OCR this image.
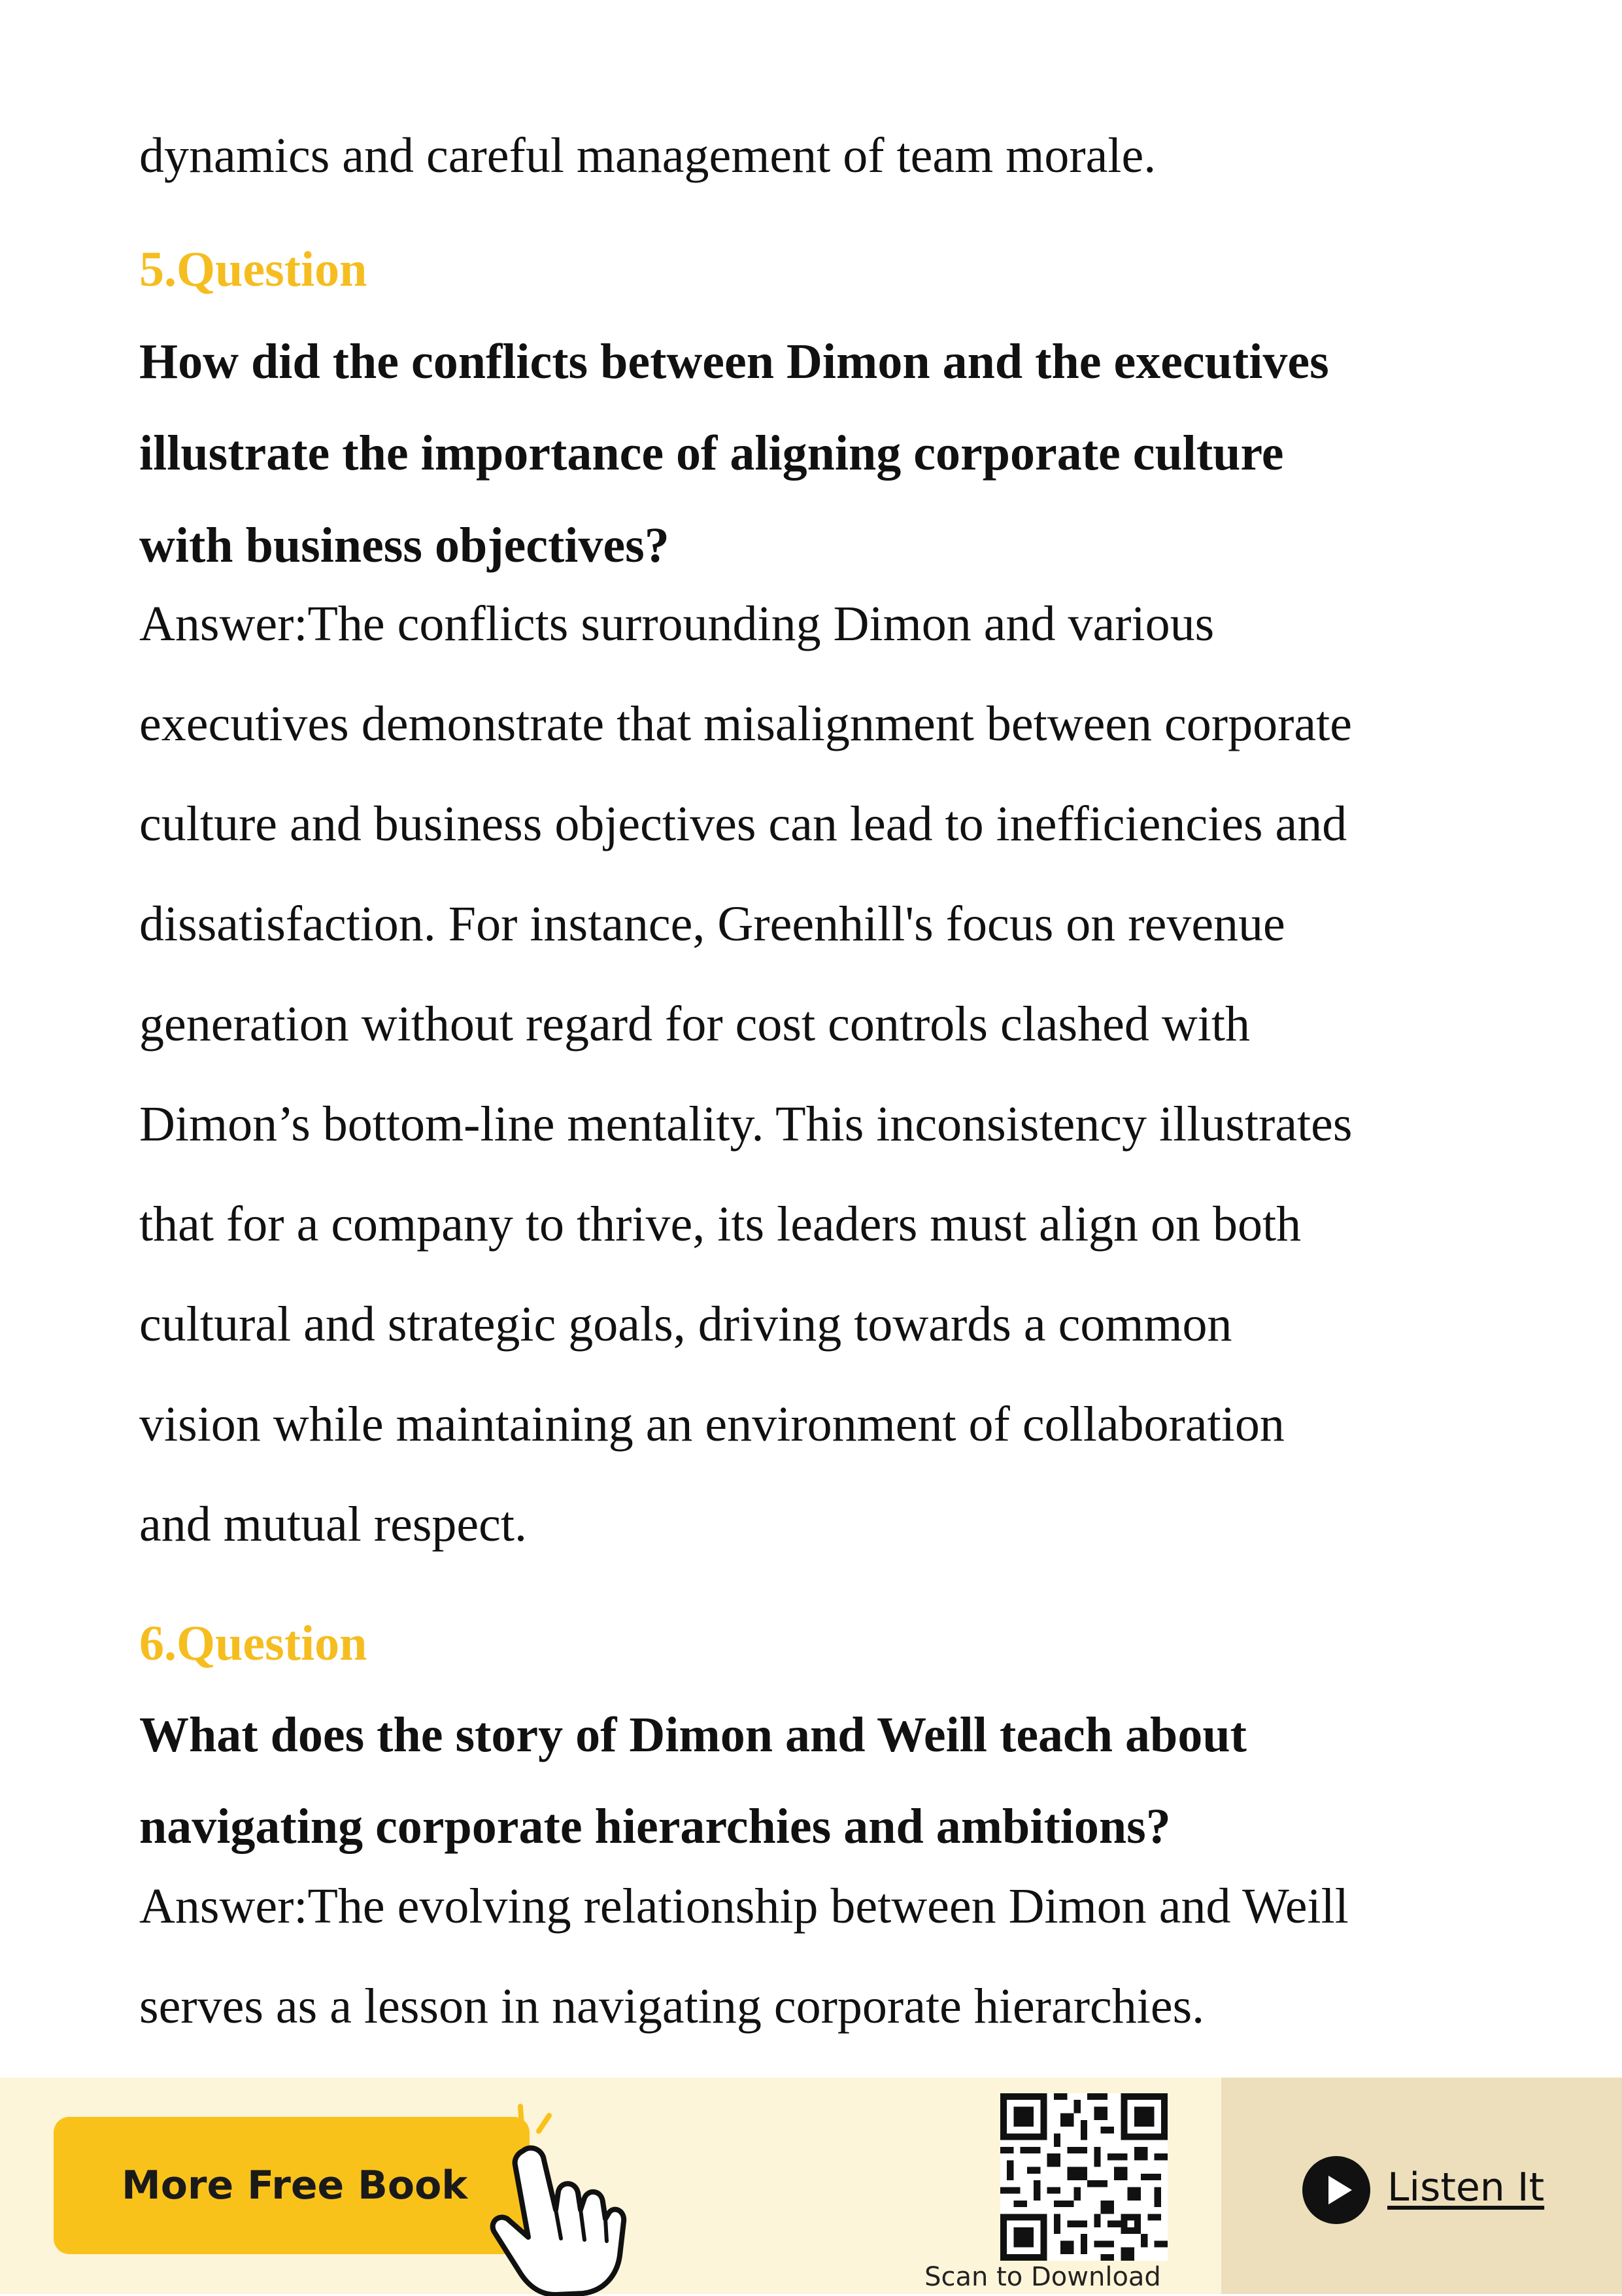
dynamics and careful management of team morale.
5.Question
How did the conflicts between Dimon and the executives
illustrate the importance of aligning corporate culture
with business objectives?
Answer:The conflicts surrounding Dimon and various
executives demonstrate that misalignment between corporate
culture and business objectives can lead to inefficiencies and
dissatisfaction. For instance, Greenhill's focus on revenue
generation without regard for cost controls clashed with
Dimon’s bottom-line mentality. This inconsistency illustrates
that for a company to thrive, its leaders must align on both
cultural and strategic goals, driving towards a common
vision while maintaining an environment of collaboration
and mutual respect.
6.Question
What does the story of Dimon and Weill teach about
navigating corporate hierarchies and ambitions?
Answer:The evolving relationship between Dimon and Weill
serves as a lesson in navigating corporate hierarchies.
More Free Book
Scan to Download
Listen It
